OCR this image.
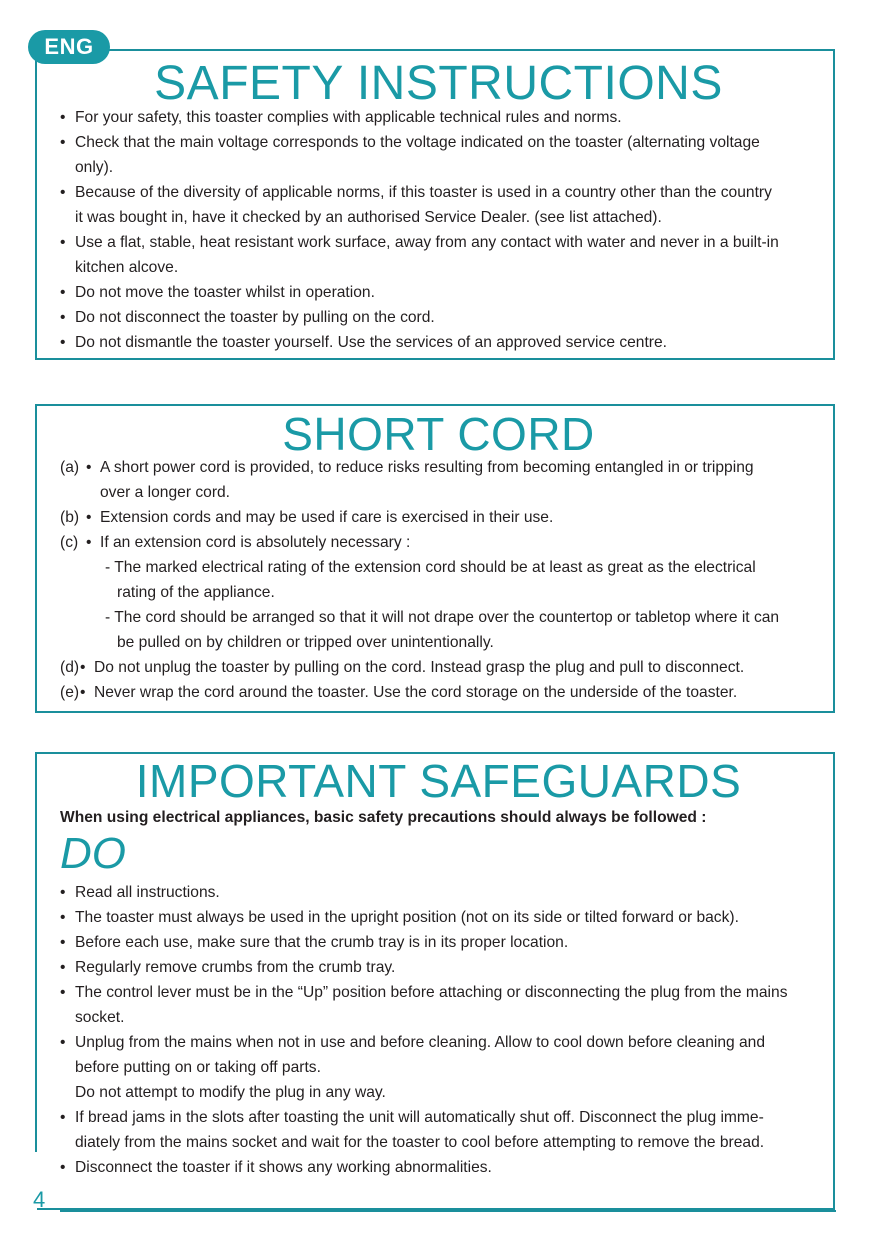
ENG
SAFETY INSTRUCTIONS
SHORT CORD
IMPORTANT SAFEGUARDS
• For your safety, this toaster complies with applicable technical rules and norms.
• Check that the main voltage corresponds to the voltage indicated on the toaster (alternating voltage
only).
• Because of the diversity of applicable norms, if this toaster is used in a country other than the country
it was bought in, have it checked by an authorised Service Dealer. (see list attached).
• Use a flat, stable, heat resistant work surface, away from any contact with water and never in a built-in
kitchen alcove.
• Do not move the toaster whilst in operation.
• Do not disconnect the toaster by pulling on the cord.
• Do not dismantle the toaster yourself. Use the services of an approved service centre.
(a) • A short power cord is provided, to reduce risks resulting from becoming entangled in or tripping
over a longer cord.
(b) • Extension cords and may be used if care is exercised in their use.
(c) • If an extension cord is absolutely necessary :
- The marked electrical rating of the extension cord should be at least as great as the electrical
rating of the appliance.
- The cord should be arranged so that it will not drape over the countertop or tabletop where it can
be pulled on by children or tripped over unintentionally.
(d) • Do not unplug the toaster by pulling on the cord. Instead grasp the plug and pull to disconnect.
(e) • Never wrap the cord around the toaster. Use the cord storage on the underside of the toaster.
When using electrical appliances, basic safety precautions should always be followed :
DO
• Read all instructions.
• The toaster must always be used in the upright position (not on its side or tilted forward or back).
• Before each use, make sure that the crumb tray is in its proper location.
• Regularly remove crumbs from the crumb tray.
• The control lever must be in the “Up” position before attaching or disconnecting the plug from the mains
socket.
• Unplug from the mains when not in use and before cleaning. Allow to cool down before cleaning and
before putting on or taking off parts.
Do not attempt to modify the plug in any way.
• If bread jams in the slots after toasting the unit will automatically shut off. Disconnect the plug imme-
diately from the mains socket and wait for the toaster to cool before attempting to remove the bread.
• Disconnect the toaster if it shows any working abnormalities.
4
